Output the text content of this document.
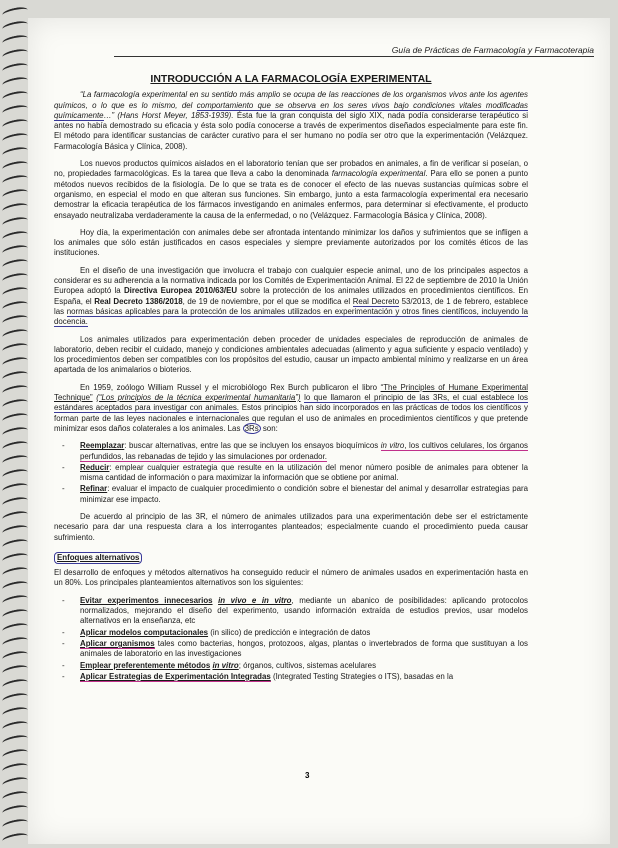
Guía de Prácticas de Farmacología y Farmacoterapia
INTRODUCCIÓN A LA FARMACOLOGÍA EXPERIMENTAL

“La farmacología experimental en su sentido más amplio se ocupa de las reacciones de los organismos vivos ante los agentes químicos, o lo que es lo mismo, del comportamiento que se observa en los seres vivos bajo condiciones vitales modificadas químicamente…” (Hans Horst Meyer, 1853-1939). Ésta fue la gran conquista del siglo XIX, nada podía considerarse terapéutico si antes no había demostrado su eficacia y ésta solo podía conocerse a través de experimentos diseñados especialmente para este fin. El método para identificar sustancias de carácter curativo para el ser humano no podía ser otro que la experimentación (Velázquez. Farmacología Básica y Clínica, 2008).

Los nuevos productos químicos aislados en el laboratorio tenían que ser probados en animales, a fin de verificar si poseían, o no, propiedades farmacológicas. Es la tarea que lleva a cabo la denominada farmacología experimental. Para ello se ponen a punto métodos nuevos recibidos de la fisiología. De lo que se trata es de conocer el efecto de las nuevas sustancias químicas sobre el organismo, en especial el modo en que alteran sus funciones. Sin embargo, junto a esta farmacología experimental era necesario demostrar la eficacia terapéutica de los fármacos investigando en animales enfermos, para determinar si efectivamente, el producto ensayado neutralizaba verdaderamente la causa de la enfermedad, o no (Velázquez. Farmacología Básica y Clínica, 2008).

Hoy día, la experimentación con animales debe ser afrontada intentando minimizar los daños y sufrimientos que se infligen a los animales que sólo están justificados en casos especiales y siempre previamente autorizados por los comités éticos de las instituciones.

En el diseño de una investigación que involucra el trabajo con cualquier especie animal, uno de los principales aspectos a considerar es su adherencia a la normativa indicada por los Comités de Experimentación Animal. El 22 de septiembre de 2010 la Unión Europea adoptó la Directiva Europea 2010/63/EU sobre la protección de los animales utilizados en procedimientos científicos. En España, el Real Decreto 1386/2018, de 19 de noviembre, por el que se modifica el Real Decreto 53/2013, de 1 de febrero, establece las normas básicas aplicables para la protección de los animales utilizados en experimentación y otros fines científicos, incluyendo la docencia.

Los animales utilizados para experimentación deben proceder de unidades especiales de reproducción de animales de laboratorio, deben recibir el cuidado, manejo y condiciones ambientales adecuadas (alimento y agua suficiente y espacio ventilado) y los procedimientos deben ser compatibles con los propósitos del estudio, causar un impacto ambiental mínimo y realizarse en un área apartada de los animalarios o bioterios.

En 1959, zoólogo William Russel y el microbiólogo Rex Burch publicaron el libro “The Principles of Humane Experimental Technique” (“Los principios de la técnica experimental humanitaria”) lo que llamaron el principio de las 3Rs, el cual establece los estándares aceptados para investigar con animales. Estos principios han sido incorporados en las prácticas de todos los científicos y forman parte de las leyes nacionales e internacionales que regulan el uso de animales en procedimientos científicos y que pretende minimizar esos daños colaterales a los animales. Las 3Rs son:

- Reemplazar: buscar alternativas, entre las que se incluyen los ensayos bioquímicos in vitro, los cultivos celulares, los órganos perfundidos, las rebanadas de tejido y las simulaciones por ordenador.
- Reducir: emplear cualquier estrategia que resulte en la utilización del menor número posible de animales para obtener la misma cantidad de información o para maximizar la información que se obtiene por animal.
- Refinar: evaluar el impacto de cualquier procedimiento o condición sobre el bienestar del animal y desarrollar estrategias para minimizar ese impacto.

De acuerdo al principio de las 3R, el número de animales utilizados para una experimentación debe ser el estrictamente necesario para dar una respuesta clara a los interrogantes planteados; especialmente cuando el procedimiento pueda causar sufrimiento.

Enfoques alternativos

El desarrollo de enfoques y métodos alternativos ha conseguido reducir el número de animales usados en experimentación hasta en un 80%. Los principales planteamientos alternativos son los siguientes:

- Evitar experimentos innecesarios in vivo e in vitro, mediante un abanico de posibilidades: aplicando protocolos normalizados, mejorando el diseño del experimento, usando información extraída de estudios previos, usar modelos alternativos en la enseñanza, etc
- Aplicar modelos computacionales (in silico) de predicción e integración de datos
- Aplicar organismos tales como bacterias, hongos, protozoos, algas, plantas o invertebrados de forma que sustituyan a los animales de laboratorio en las investigaciones
- Emplear preferentemente métodos in vitro; órganos, cultivos, sistemas acelulares
- Aplicar Estrategias de Experimentación Integradas (Integrated Testing Strategies o ITS), basadas en la
3
